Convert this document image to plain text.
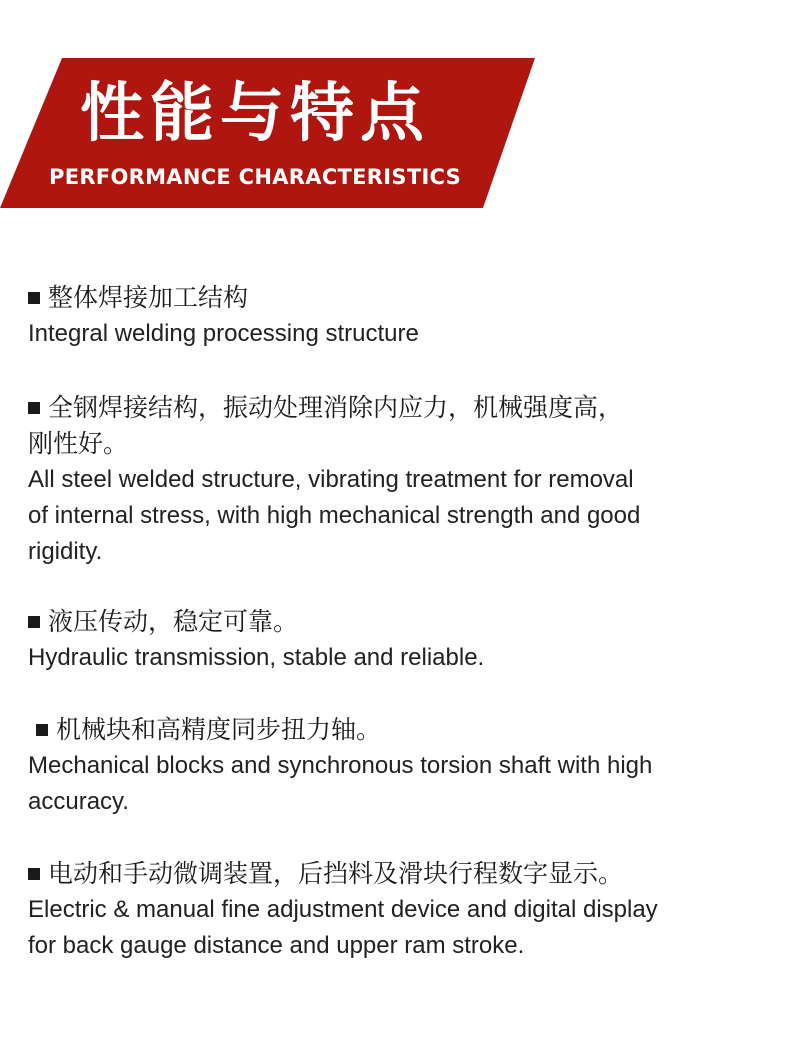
性能与特点
PERFORMANCE CHARACTERISTICS
整体焊接加工结构
Integral welding processing structure
全钢焊接结构，振动处理消除内应力，机械强度高，
刚性好。
All steel welded structure, vibrating treatment for removal
of internal stress, with high mechanical strength and good
rigidity.
液压传动，稳定可靠。
Hydraulic transmission, stable and reliable.
机械块和高精度同步扭力轴。
Mechanical blocks and synchronous torsion shaft with high
accuracy.
电动和手动微调装置，后挡料及滑块行程数字显示。
Electric & manual fine adjustment device and digital display
for back gauge distance and upper ram stroke.
